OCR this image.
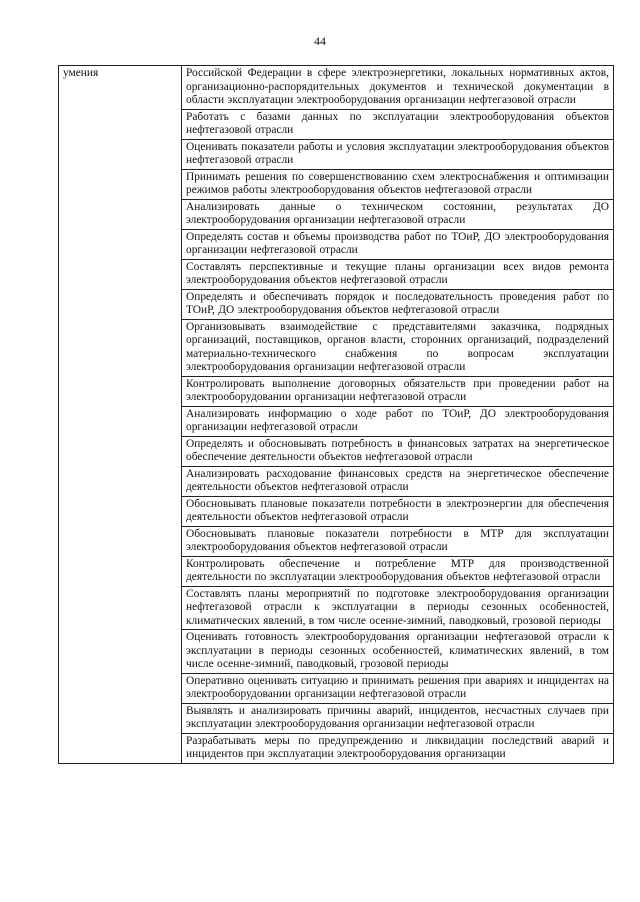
44
умения	Российской Федерации в сфере электроэнергетики, локальных нормативных актов, организационно-распорядительных документов и технической документации в области эксплуатации электрооборудования организации нефтегазовой отрасли
Работать с базами данных по эксплуатации электрооборудования объектов нефтегазовой отрасли
Оценивать показатели работы и условия эксплуатации электрооборудования объектов нефтегазовой отрасли
Принимать решения по совершенствованию схем электроснабжения и оптимизации режимов работы электрооборудования объектов нефтегазовой отрасли
Анализировать данные о техническом состоянии, результатах ДО электрооборудования организации нефтегазовой отрасли
Определять состав и объемы производства работ по ТОиР, ДО электрооборудования организации нефтегазовой отрасли
Составлять перспективные и текущие планы организации всех видов ремонта электрооборудования объектов нефтегазовой отрасли
Определять и обеспечивать порядок и последовательность проведения работ по ТОиР, ДО электрооборудования объектов нефтегазовой отрасли
Организовывать взаимодействие с представителями заказчика, подрядных организаций, поставщиков, органов власти, сторонних организаций, подразделений материально-технического снабжения по вопросам эксплуатации электрооборудования организации нефтегазовой отрасли
Контролировать выполнение договорных обязательств при проведении работ на электрооборудовании организации нефтегазовой отрасли
Анализировать информацию о ходе работ по ТОиР, ДО электрооборудования организации нефтегазовой отрасли
Определять и обосновывать потребность в финансовых затратах на энергетическое обеспечение деятельности объектов нефтегазовой отрасли
Анализировать расходование финансовых средств на энергетическое обеспечение деятельности объектов нефтегазовой отрасли
Обосновывать плановые показатели потребности в электроэнергии для обеспечения деятельности объектов нефтегазовой отрасли
Обосновывать плановые показатели потребности в МТР для эксплуатации электрооборудования объектов нефтегазовой отрасли
Контролировать обеспечение и потребление МТР для производственной деятельности по эксплуатации электрооборудования объектов нефтегазовой отрасли
Составлять планы мероприятий по подготовке электрооборудования организации нефтегазовой отрасли к эксплуатации в периоды сезонных особенностей, климатических явлений, в том числе осенне-зимний, паводковый, грозовой периоды
Оценивать готовность электрооборудования организации нефтегазовой отрасли к эксплуатации в периоды сезонных особенностей, климатических явлений, в том числе осенне-зимний, паводковый, грозовой периоды
Оперативно оценивать ситуацию и принимать решения при авариях и инцидентах на электрооборудовании организации нефтегазовой отрасли
Выявлять и анализировать причины аварий, инцидентов, несчастных случаев при эксплуатации электрооборудования организации нефтегазовой отрасли
Разрабатывать меры по предупреждению и ликвидации последствий аварий и инцидентов при эксплуатации электрооборудования организации
